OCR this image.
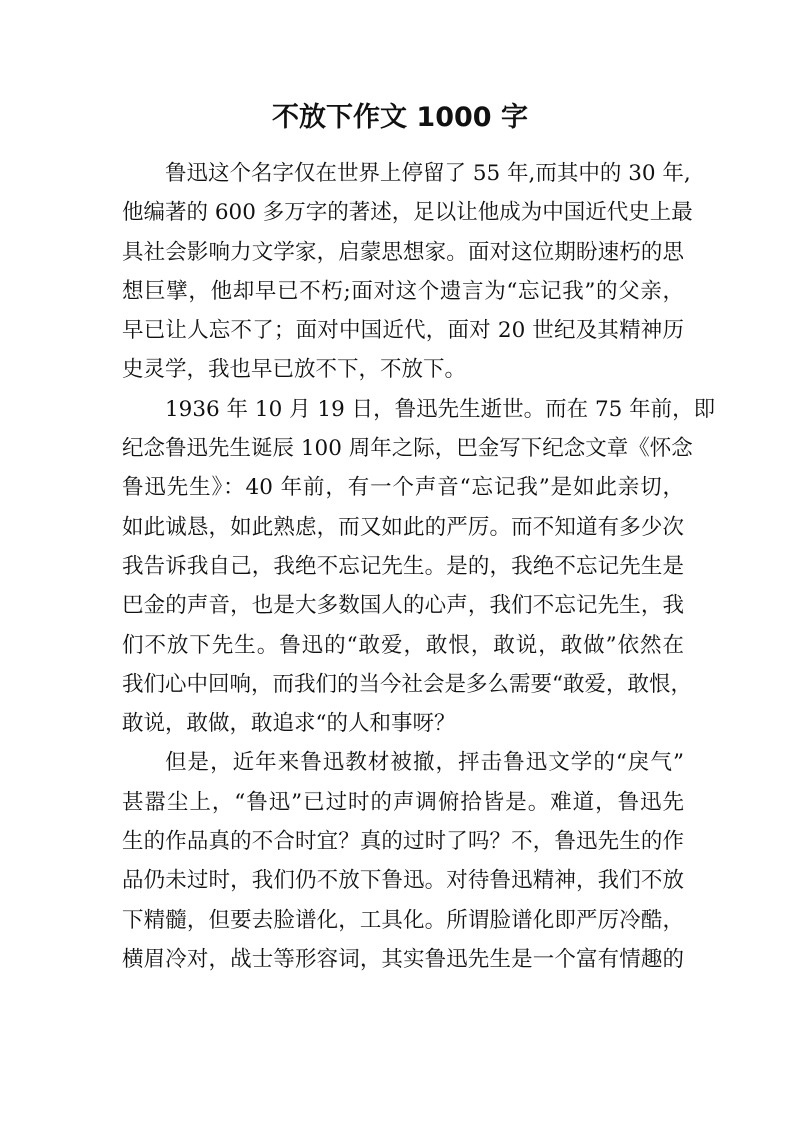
不放下作文 1000 字
鲁迅这个名字仅在世界上停留了 55 年,而其中的 30 年,
他编著的 600 多万字的著述，足以让他成为中国近代史上最
具社会影响力文学家，启蒙思想家。面对这位期盼速朽的思
想巨擘，他却早已不朽;面对这个遗言为“忘记我”的父亲，
早已让人忘不了；面对中国近代，面对 20 世纪及其精神历
史灵学，我也早已放不下，不放下。
1936 年 10 月 19 日，鲁迅先生逝世。而在 75 年前，即
纪念鲁迅先生诞辰 100 周年之际，巴金写下纪念文章《怀念
鲁迅先生》：40 年前，有一个声音“忘记我”是如此亲切，
如此诚恳，如此熟虑，而又如此的严厉。而不知道有多少次
我告诉我自己，我绝不忘记先生。是的，我绝不忘记先生是
巴金的声音，也是大多数国人的心声，我们不忘记先生，我
们不放下先生。鲁迅的“敢爱，敢恨，敢说，敢做”依然在
我们心中回响，而我们的当今社会是多么需要“敢爱，敢恨，
敢说，敢做，敢追求“的人和事呀？
但是，近年来鲁迅教材被撤，抨击鲁迅文学的“戾气”
甚嚣尘上，“鲁迅”已过时的声调俯拾皆是。难道，鲁迅先
生的作品真的不合时宜？真的过时了吗？不，鲁迅先生的作
品仍未过时，我们仍不放下鲁迅。对待鲁迅精神，我们不放
下精髓，但要去脸谱化，工具化。所谓脸谱化即严厉冷酷，
横眉冷对，战士等形容词，其实鲁迅先生是一个富有情趣的
